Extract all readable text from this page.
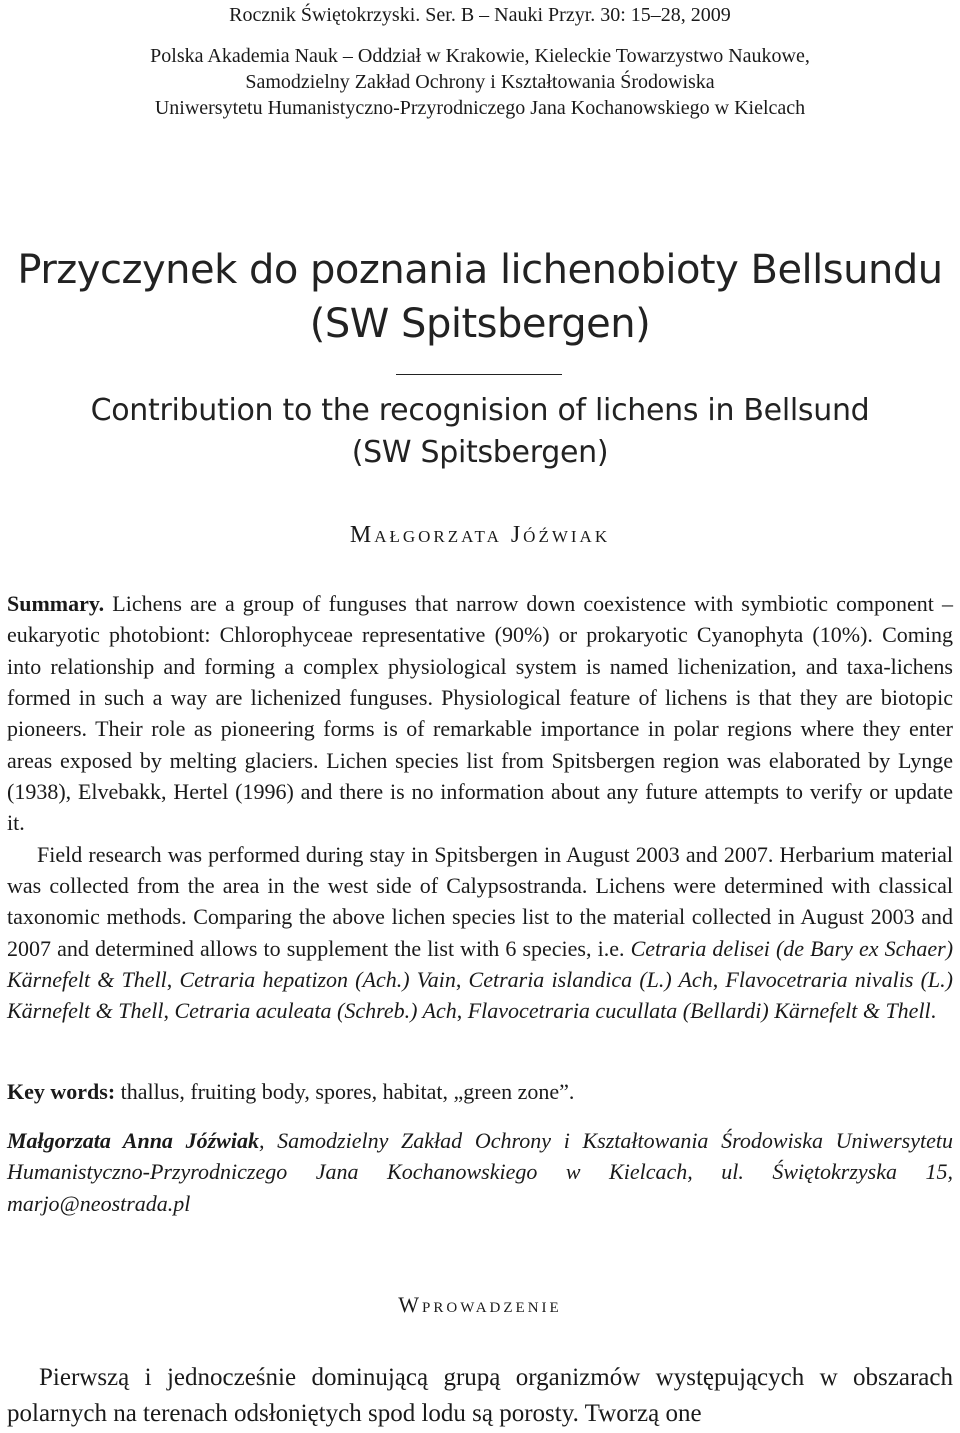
Rocznik Świętokrzyski. Ser. B – Nauki Przyr. 30: 15–28, 2009
Polska Akademia Nauk – Oddział w Krakowie, Kieleckie Towarzystwo Naukowe,
Samodzielny Zakład Ochrony i Kształtowania Środowiska
Uniwersytetu Humanistyczno-Przyrodniczego Jana Kochanowskiego w Kielcach
Przyczynek do poznania lichenobioty Bellsundu
(SW Spitsbergen)
Contribution to the recognision of lichens in Bellsund
(SW Spitsbergen)
Małgorzata Jóźwiak

Summary. Lichens are a group of funguses that narrow down coexistence with symbiotic component – eukaryotic photobiont: Chlorophyceae representative (90%) or prokaryotic Cyanophyta (10%). Coming into relationship and forming a complex physiological system is named lichenization, and taxa-lichens formed in such a way are lichenized funguses. Physiological feature of lichens is that they are biotopic pioneers. Their role as pioneering forms is of remarkable importance in polar regions where they enter areas exposed by melting glaciers. Lichen species list from Spitsbergen region was elaborated by Lynge (1938), Elvebakk, Hertel (1996) and there is no information about any future attempts to verify or update it.

Field research was performed during stay in Spitsbergen in August 2003 and 2007. Herbarium material was collected from the area in the west side of Calypsostranda. Lichens were determined with classical taxonomic methods. Comparing the above lichen species list to the material collected in August 2003 and 2007 and determined allows to supplement the list with 6 species, i.e. Cetraria delisei (de Bary ex Schaer) Kärnefelt & Thell, Cetraria hepatizon (Ach.) Vain, Cetraria islandica (L.) Ach, Flavocetraria nivalis (L.) Kärnefelt & Thell, Cetraria aculeata (Schreb.) Ach, Flavocetraria cucullata (Bellardi) Kärnefelt & Thell.

Key words: thallus, fruiting body, spores, habitat, „green zone”.
Małgorzata Anna Jóźwiak, Samodzielny Zakład Ochrony i Kształtowania Środowiska Uniwersytetu Humanistyczno-Przyrodniczego Jana Kochanowskiego w Kielcach, ul. Świętokrzyska 15, marjo@neostrada.pl
Wprowadzenie
Pierwszą i jednocześnie dominującą grupą organizmów występujących w obszarach polarnych na terenach odsłoniętych spod lodu są porosty. Tworzą one
